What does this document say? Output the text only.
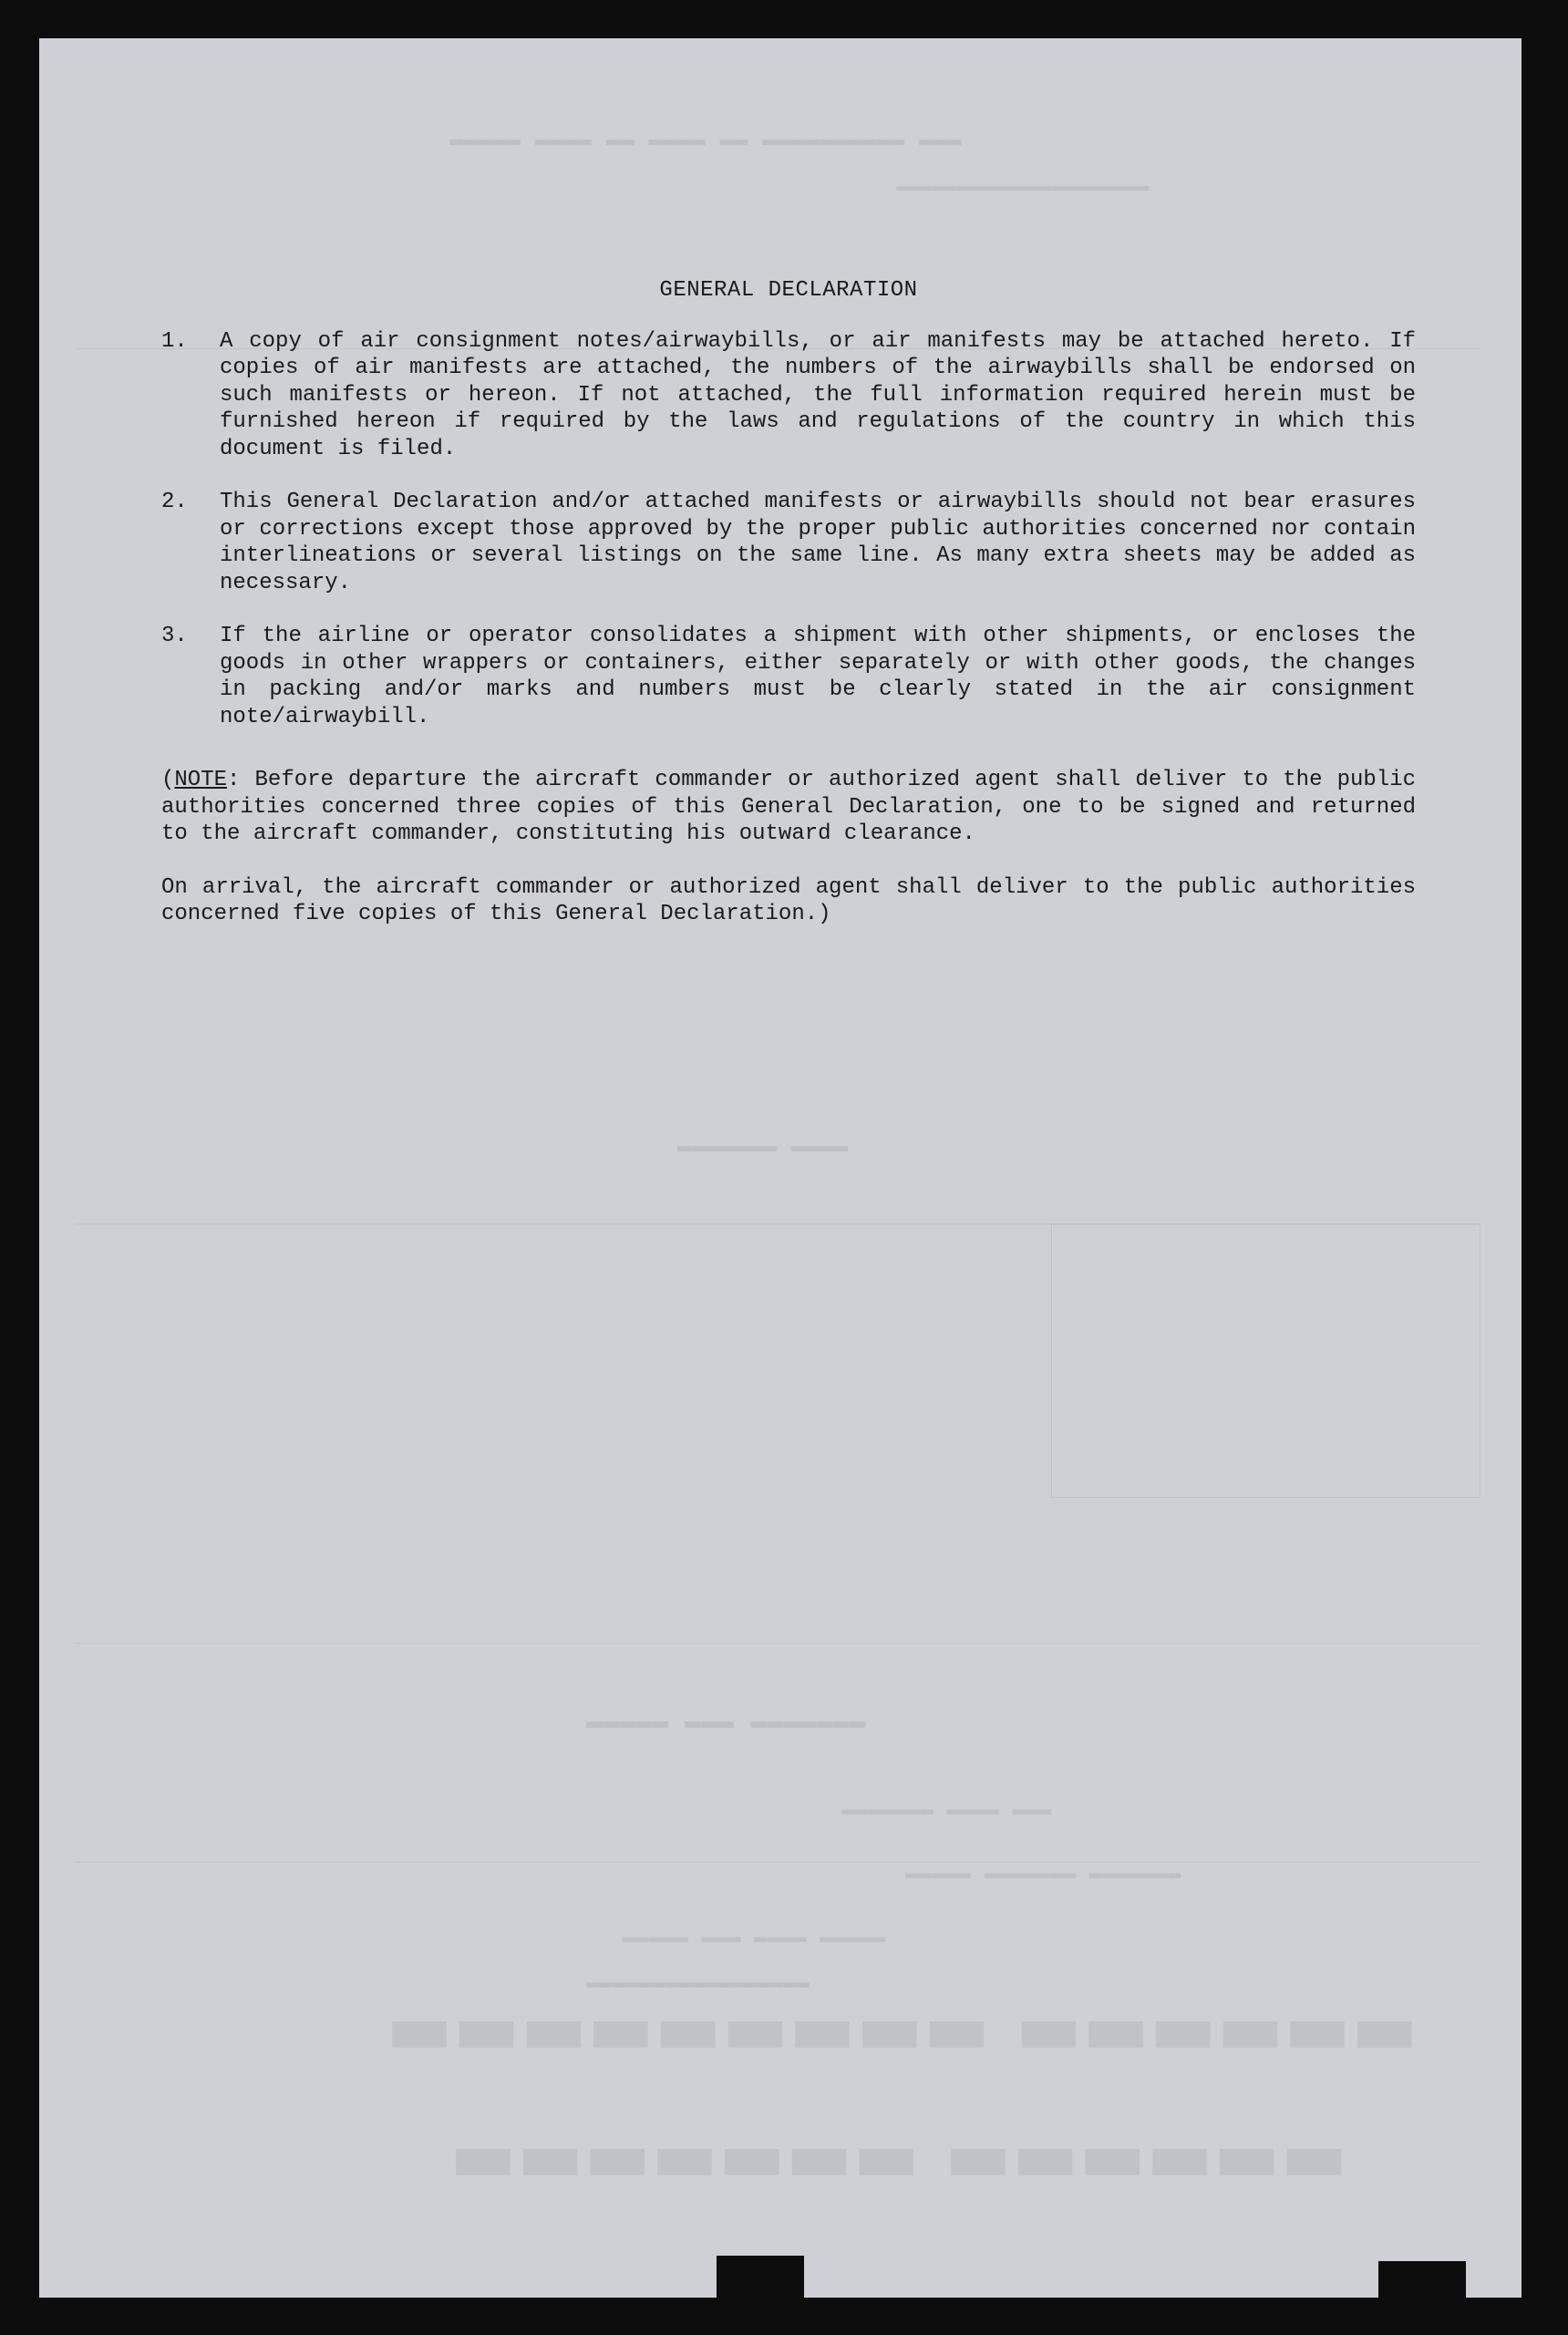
▬▬▬ ▬▬▬▬▬▬▬▬▬▬ ▬▬ ▬▬▬▬ ▬▬ ▬▬▬▬ ▬▬▬▬▬
▬▬▬▬▬▬▬▬▬▬▬▬▬▬▬▬▬▬▬▬▬
▬▬▬▬ ▬▬▬▬▬▬▬
▬▬▬▬▬▬▬ ▬▬▬ ▬▬▬▬▬
▬▬▬ ▬▬▬▬ ▬▬▬▬▬▬▬
▬▬▬▬▬▬▬ ▬▬▬▬▬▬▬ ▬▬▬▬▬
▬▬▬▬▬ ▬▬▬▬ ▬▬▬ ▬▬▬▬▬
▬▬▬▬▬▬▬▬▬▬▬▬▬▬▬▬▬
▬▬▬▬▬▬ ▬▬▬▬▬▬▬▬▬
▬▬▬▬▬▬ ▬▬▬▬▬▬▬
GENERAL DECLARATION
1.	A copy of air consignment notes/airwaybills, or air manifests may be attached hereto. If copies of air manifests are attached, the numbers of the airwaybills shall be endorsed on such manifests or hereon. If not attached, the full information required herein must be furnished hereon if required by the laws and regulations of the country in which this document is filed.
2.	This General Declaration and/or attached manifests or airwaybills should not bear erasures or corrections except those approved by the proper public authorities concerned nor contain interlineations or several listings on the same line. As many extra sheets may be added as necessary.
3.	If the airline or operator consolidates a shipment with other shipments, or encloses the goods in other wrappers or containers, either separately or with other goods, the changes in packing and/or marks and numbers must be clearly stated in the air consignment note/airwaybill.
(NOTE: Before departure the aircraft commander or authorized agent shall deliver to the public authorities concerned three copies of this General Declaration, one to be signed and returned to the aircraft commander, constituting his outward clearance.
On arrival, the aircraft commander or authorized agent shall deliver to the public authorities concerned five copies of this General Declaration.)
